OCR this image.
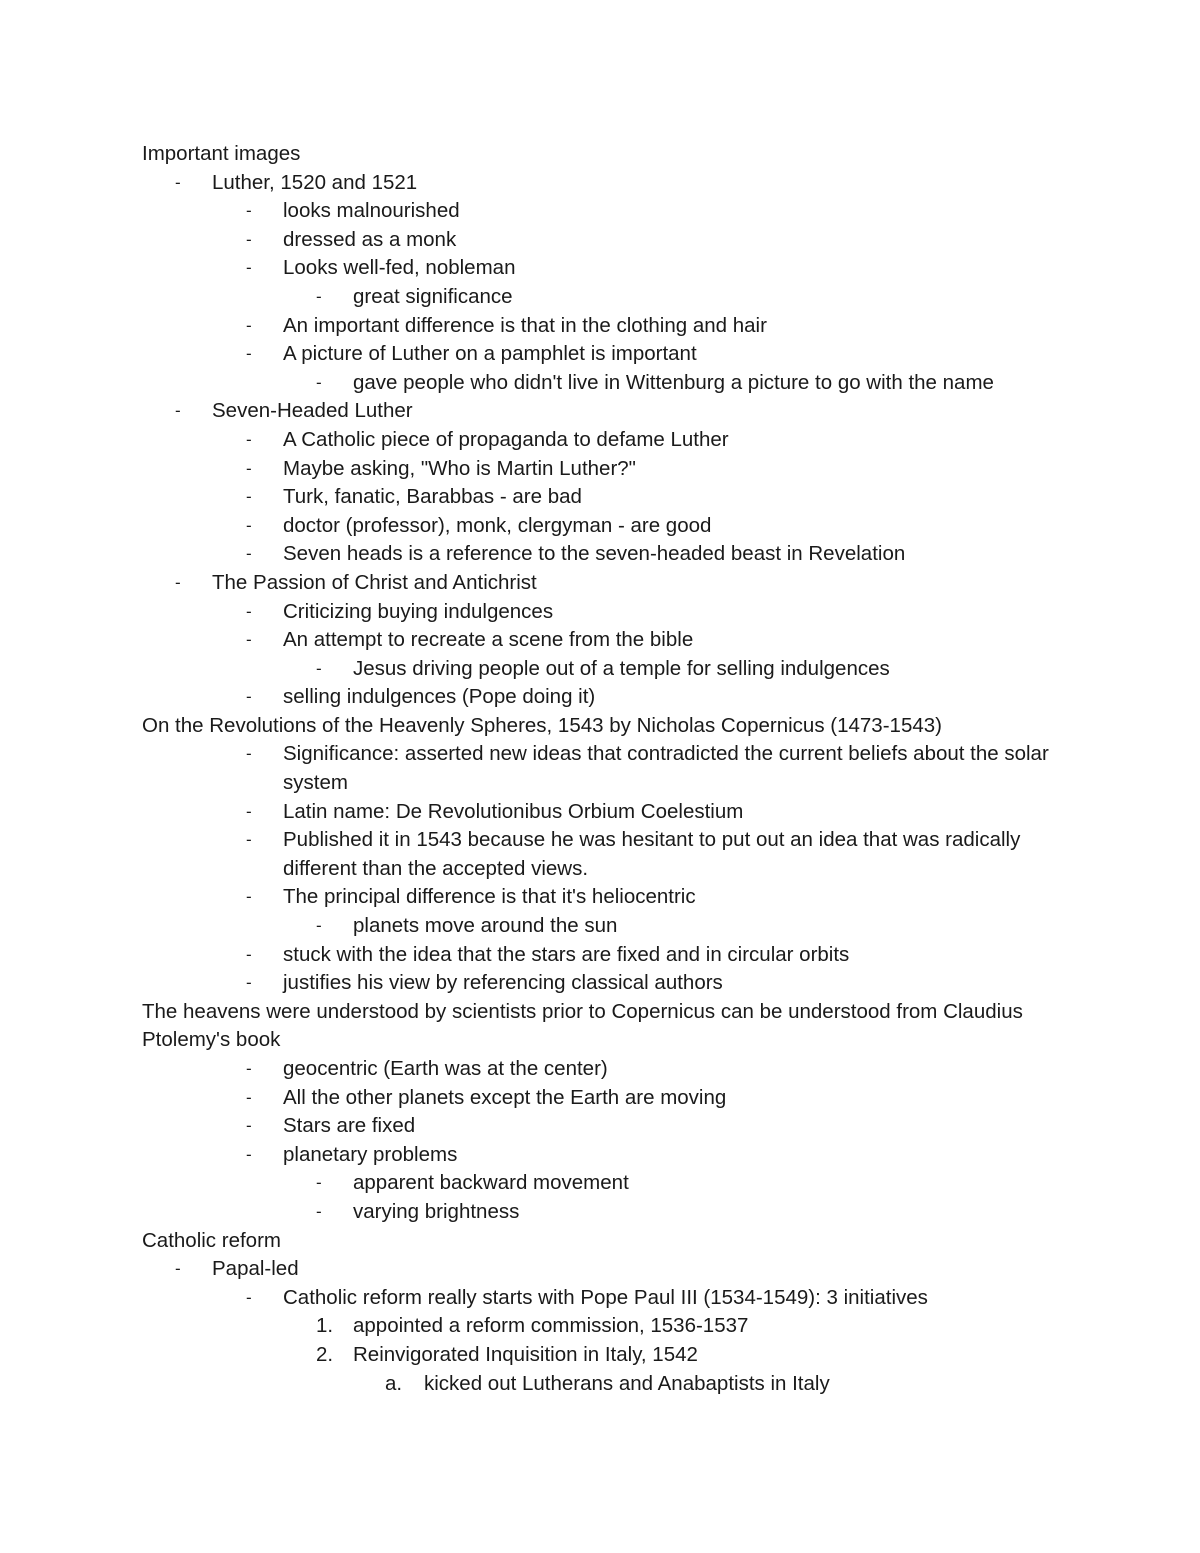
Important images
- Luther, 1520 and 1521
- looks malnourished
- dressed as a monk
- Looks well-fed, nobleman
- great significance
- An important difference is that in the clothing and hair
- A picture of Luther on a pamphlet is important
- gave people who didn't live in Wittenburg a picture to go with the name
- Seven-Headed Luther
- A Catholic piece of propaganda to defame Luther
- Maybe asking, "Who is Martin Luther?"
- Turk, fanatic, Barabbas - are bad
- doctor (professor), monk, clergyman - are good
- Seven heads is a reference to the seven-headed beast in Revelation
- The Passion of Christ and Antichrist
- Criticizing buying indulgences
- An attempt to recreate a scene from the bible
- Jesus driving people out of a temple for selling indulgences
- selling indulgences (Pope doing it)
On the Revolutions of the Heavenly Spheres, 1543 by Nicholas Copernicus (1473-1543)
- Significance: asserted new ideas that contradicted the current beliefs about the solar system
- Latin name: De Revolutionibus Orbium Coelestium
- Published it in 1543 because he was hesitant to put out an idea that was radically different than the accepted views.
- The principal difference is that it's heliocentric
- planets move around the sun
- stuck with the idea that the stars are fixed and in circular orbits
- justifies his view by referencing classical authors
The heavens were understood by scientists prior to Copernicus can be understood from Claudius Ptolemy's book
- geocentric (Earth was at the center)
- All the other planets except the Earth are moving
- Stars are fixed
- planetary problems
- apparent backward movement
- varying brightness
Catholic reform
- Papal-led
- Catholic reform really starts with Pope Paul III (1534-1549): 3 initiatives
1. appointed a reform commission, 1536-1537
2. Reinvigorated Inquisition in Italy, 1542
a. kicked out Lutherans and Anabaptists in Italy
